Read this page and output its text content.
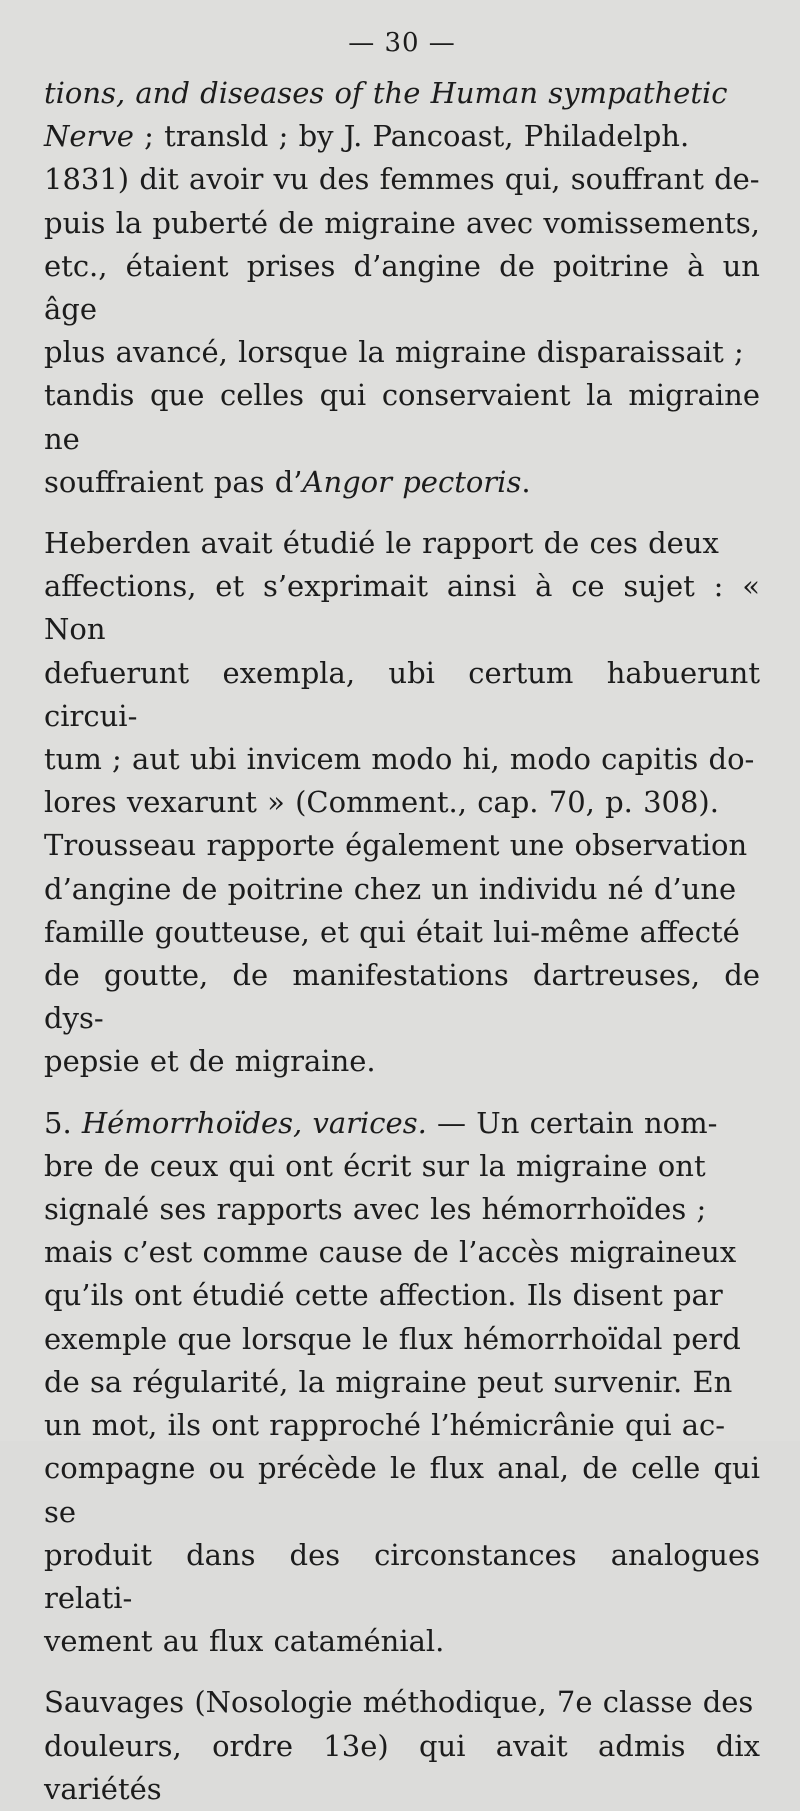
— 30 —

tions, and diseases of the Human sympathetic
Nerve ; transld ; by J. Pancoast, Philadelph.
1831) dit avoir vu des femmes qui, souffrant de-
puis la puberté de migraine avec vomissements,
etc., étaient prises d’angine de poitrine à un âge
plus avancé, lorsque la migraine disparaissait ;
tandis que celles qui conservaient la migraine ne
souffraient pas d’Angor pectoris.

Heberden avait étudié le rapport de ces deux
affections, et s’exprimait ainsi à ce sujet : « Non
defuerunt exempla, ubi certum habuerunt circui-
tum ; aut ubi invicem modo hi, modo capitis do-
lores vexarunt » (Comment., cap. 70, p. 308).
Trousseau rapporte également une observation
d’angine de poitrine chez un individu né d’une
famille goutteuse, et qui était lui-même affecté
de goutte, de manifestations dartreuses, de dys-
pepsie et de migraine.

5. Hémorrhoïdes, varices. — Un certain nom-
bre de ceux qui ont écrit sur la migraine ont
signalé ses rapports avec les hémorrhoïdes ;
mais c’est comme cause de l’accès migraineux
qu’ils ont étudié cette affection. Ils disent par
exemple que lorsque le flux hémorrhoïdal perd
de sa régularité, la migraine peut survenir. En
un mot, ils ont rapproché l’hémicrânie qui ac-
compagne ou précède le flux anal, de celle qui se
produit dans des circonstances analogues relati-
vement au flux cataménial.

Sauvages (Nosologie méthodique, 7e classe des
douleurs, ordre 13e) qui avait admis dix variétés
